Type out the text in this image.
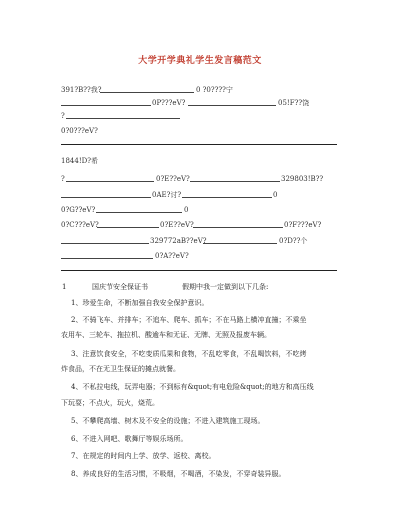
大学开学典礼学生发言稿范文
391?B??我?	0 ?0????宁
0P???eV?	05!F??饶
?
0?0???eV?
1844!D?希
?	0?E??eV?	329803!B??
0AE?讨?	0
0?G??eV?	0
0?C???eV?	0?E??eV?	0?F???eV?
329772aB??eV?	0?D??个
0?A??eV?
1	国庆节安全保证书	假期中我一定做到以下几条:
1、珍爱生命，不断加强自我安全保护意识。
2、不骑飞车、并排车；不追车、爬车、抓车；不在马路上横冲直撞；不乘坐
农用车、三轮车、拖拉机、酸逾车和无证、无牌、无照及报废车辆。
3、注意饮食安全，不吃变质瓜果和食物，不乱吃零食，不乱喝饮料，不吃烤
炸食品，不在无卫生保证的摊点就餐。
4、不私拉电线，玩弄电器；不到标有&quot;有电危险&quot;的地方和高压线
下玩耍；不点火，玩火，烧荒。
5、不攀爬高墙、树木及不安全的设施；不进入建筑施工现场。
6、不进入网吧、歌舞厅等娱乐场所。
7、在规定的时间内上学、放学、返校、离校。
8、养成良好的生活习惯，不吸烟，不喝酒，不染发，不穿奇装异服。
